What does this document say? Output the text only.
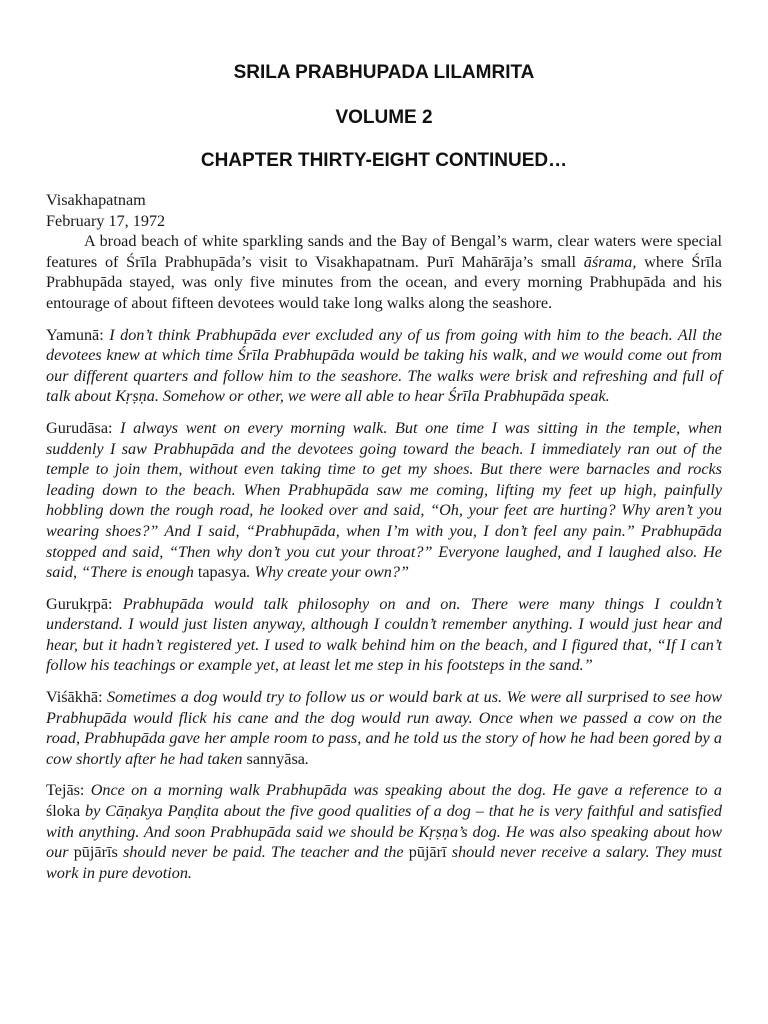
SRILA PRABHUPADA LILAMRITA
VOLUME 2
CHAPTER THIRTY-EIGHT CONTINUED…

Visakhapatnam

February 17, 1972

A broad beach of white sparkling sands and the Bay of Bengal’s warm, clear waters were special features of Śrīla Prabhupāda’s visit to Visakhapatnam. Purī Mahārāja’s small āśrama, where Śrīla Prabhupāda stayed, was only five minutes from the ocean, and every morning Prabhupāda and his entourage of about fifteen devotees would take long walks along the seashore.

Yamunā: I don’t think Prabhupāda ever excluded any of us from going with him to the beach. All the devotees knew at which time Śrīla Prabhupāda would be taking his walk, and we would come out from our different quarters and follow him to the seashore. The walks were brisk and refreshing and full of talk about Kṛṣṇa. Somehow or other, we were all able to hear Śrīla Prabhupāda speak.

Gurudāsa: I always went on every morning walk. But one time I was sitting in the temple, when suddenly I saw Prabhupāda and the devotees going toward the beach. I immediately ran out of the temple to join them, without even taking time to get my shoes. But there were barnacles and rocks leading down to the beach. When Prabhupāda saw me coming, lifting my feet up high, painfully hobbling down the rough road, he looked over and said, “Oh, your feet are hurting? Why aren’t you wearing shoes?” And I said, “Prabhupāda, when I’m with you, I don’t feel any pain.” Prabhupāda stopped and said, “Then why don’t you cut your throat?” Everyone laughed, and I laughed also. He said, “There is enough tapasya. Why create your own?”

Gurukṛpā: Prabhupāda would talk philosophy on and on. There were many things I couldn’t understand. I would just listen anyway, although I couldn’t remember anything. I would just hear and hear, but it hadn’t registered yet. I used to walk behind him on the beach, and I figured that, “If I can’t follow his teachings or example yet, at least let me step in his footsteps in the sand.”

Viśākhā: Sometimes a dog would try to follow us or would bark at us. We were all surprised to see how Prabhupāda would flick his cane and the dog would run away. Once when we passed a cow on the road, Prabhupāda gave her ample room to pass, and he told us the story of how he had been gored by a cow shortly after he had taken sannyāsa.

Tejās: Once on a morning walk Prabhupāda was speaking about the dog. He gave a reference to a śloka by Cāṇakya Paṇḍita about the five good qualities of a dog – that he is very faithful and satisfied with anything. And soon Prabhupāda said we should be Kṛṣṇa’s dog. He was also speaking about how our pūjārīs should never be paid. The teacher and the pūjārī should never receive a salary. They must work in pure devotion.
